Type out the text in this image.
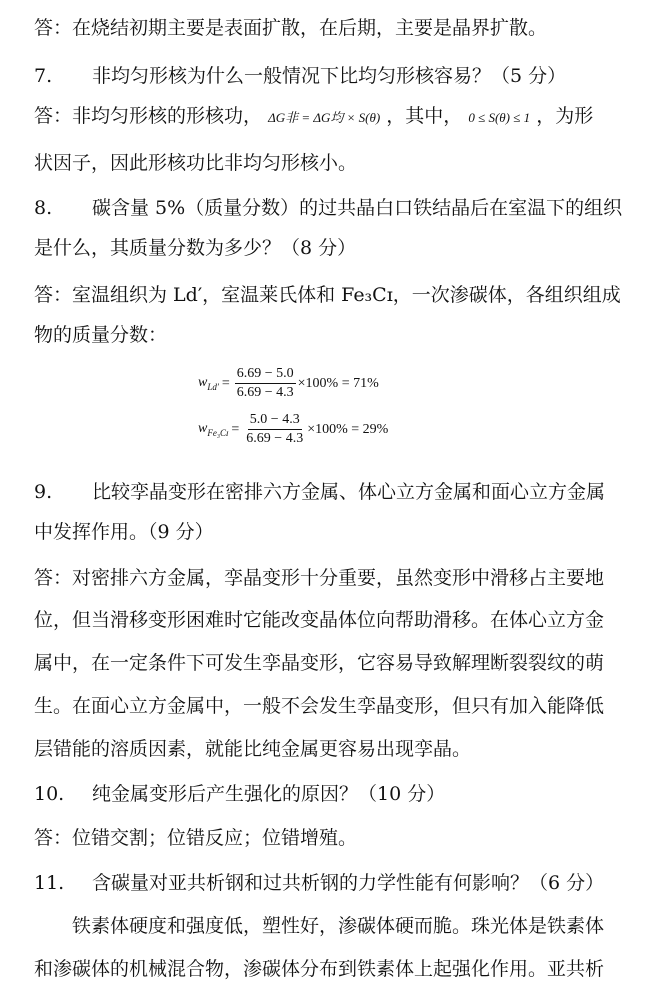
答：在烧结初期主要是表面扩散，在后期，主要是晶界扩散。
7. 非均匀形核为什么一般情况下比均匀形核容易？（5 分）
答：非均匀形核的形核功， ΔG非 = ΔG均 × S(θ) ，其中， 0 ≤ S(θ) ≤ 1 ，为形
状因子，因此形核功比非均匀形核小。
8. 碳含量 5%（质量分数）的过共晶白口铁结晶后在室温下的组织
是什么，其质量分数为多少？（8 分）
答：室温组织为 Ld′，室温莱氏体和 Fe₃Cɪ，一次渗碳体，各组织组成
物的质量分数：
$w_{Ld'} = \frac{6.69 - 5.0}{6.69 - 4.3} \times 100\% = 71\%$
$w_{Fe_3Cɪ} = \frac{5.0 - 4.3}{6.69 - 4.3} \times 100\% = 29\%$
9. 比较孪晶变形在密排六方金属、体心立方金属和面心立方金属
中发挥作用。（9 分）
答：对密排六方金属，孪晶变形十分重要，虽然变形中滑移占主要地
位，但当滑移变形困难时它能改变晶体位向帮助滑移。在体心立方金
属中，在一定条件下可发生孪晶变形，它容易导致解理断裂裂纹的萌
生。在面心立方金属中，一般不会发生孪晶变形，但只有加入能降低
层错能的溶质因素，就能比纯金属更容易出现孪晶。
10. 纯金属变形后产生强化的原因？（10 分）
答：位错交割；位错反应；位错增殖。
11. 含碳量对亚共析钢和过共析钢的力学性能有何影响？（6 分）
铁素体硬度和强度低，塑性好，渗碳体硬而脆。珠光体是铁素体
和渗碳体的机械混合物，渗碳体分布到铁素体上起强化作用。亚共析
